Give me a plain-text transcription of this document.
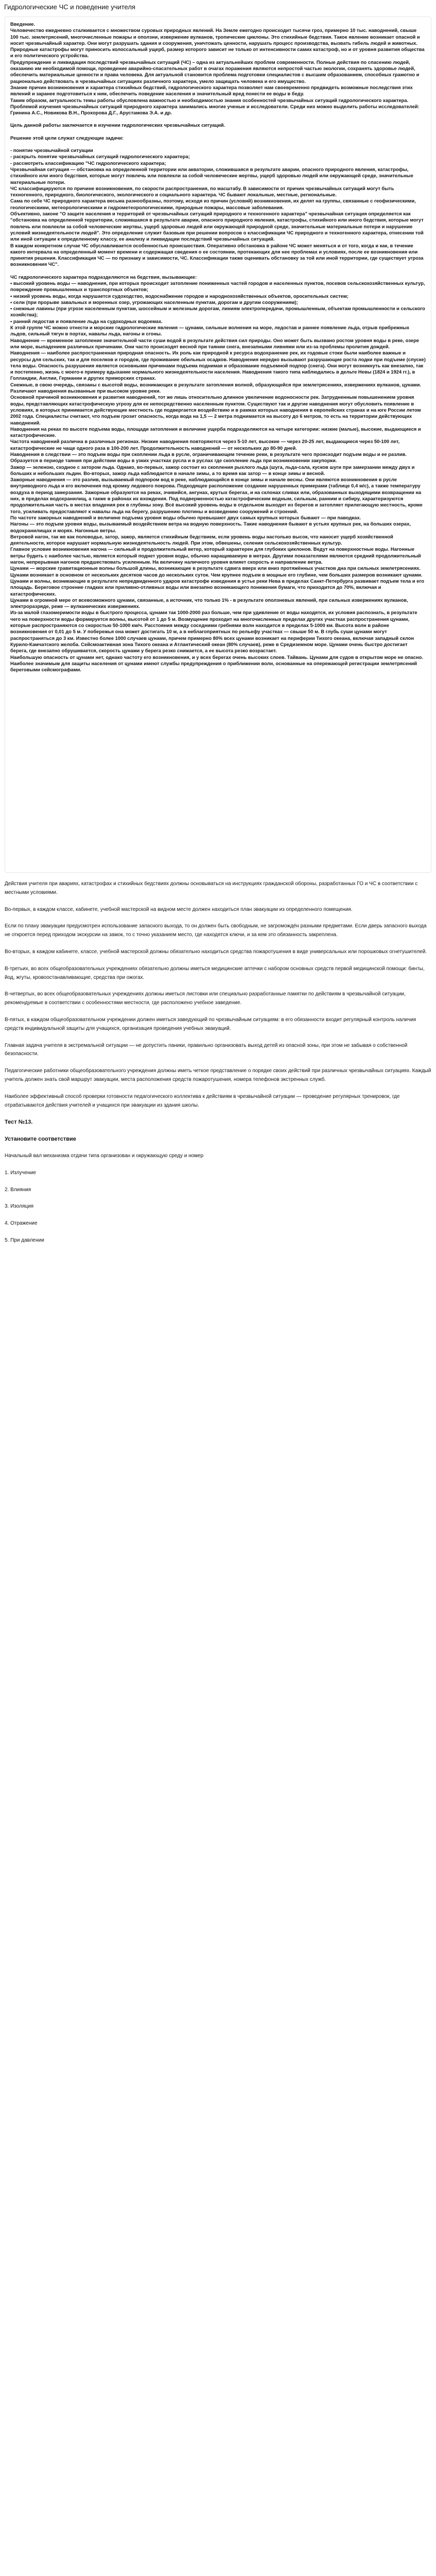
Гидрологические ЧС и поведение учителя

Введение.

Человечество ежедневно сталкивается с множеством суровых природных явлений. На Земле ежегодно происходит тысячи гроз, примерно 10 тыс. наводнений, свыше 100 тыс. землетрясений, многочисленные пожары и оползни, извержение вулканов, тропические циклоны. Это стихийные бедствия. Такое явление возникает опасной и носит чрезвычайный характер. Они могут разрушать здания и сооружения, уничтожать ценности, нарушать процесс производства, вызвать гибель людей и животных. Природные катастрофы могут приносить колоссальный ущерб, размер которого зависит не только от интенсивности самих катастроф, но и от уровня развития общества и его политического устройства.

Предупреждение и ликвидация последствий чрезвычайных ситуаций (ЧС) – одна из актуальнейших проблем современности. Полные действия по спасению людей, оказанию им необходимой помощи, проведение аварийно-спасательных работ в очагах поражения являются непростой частью экологии, сохранять здоровье людей, обеспечить материальные ценности и права человека. Для актуальной становится проблема подготовки специалистов с высшим образованием, способных грамотно и рационально действовать в чрезвычайных ситуациях различного характера, умело защищать человека и его имущество.

Знание причин возникновения и характера стихийных бедствий, гидрологического характера позволяет нам своевременно предвидеть возможные последствия этих явлений и заранее подготовиться к ним, обеспечить поведение населения и значительный вред понести ее воды в беду.

Таким образом, актуальность темы работы обусловлена важностью и необходимостью знания особенностей чрезвычайных ситуаций гидрологического характера.

Проблемой изучения чрезвычайных ситуаций природного характера занимались многие ученые и исследователи. Среди них можно выделить работы исследователей: Гринина А.С., Новикова В.Н., Прохорова Д.Г., Арустамова Э.А. и др.

Цель данной работы заключается в изучении гидрологических чрезвычайных ситуаций.

Решение этой цели служат следующие задачи:

- понятие чрезвычайной ситуации

- раскрыть понятие чрезвычайных ситуаций гидрологического характера;

- рассмотреть классификацию "ЧС гидрологического характера;

Чрезвычайная ситуация — обстановка на определенной территории или акватории, сложившаяся в результате аварии, опасного природного явления, катастрофы, стихийного или иного бедствия, которые могут повлечь или повлекли за собой человеческие жертвы, ущерб здоровью людей или окружающей среде, значительные материальные потери.

ЧС классифицируются по причине возникновения, по скорости распространения, по масштабу. В зависимости от причин чрезвычайных ситуаций могут быть техногенного, природного, биологического, экологического и социального характера. ЧС бывают локальные, местные, региональные.

Сама по себе ЧС природного характера весьма разнообразны, поэтому, исходя из причин (условий) возникновения, их делят на группы, связанные с геофизическими, геологическими, метеорологическими и гидрометеорологическими, природные пожары, массовые заболевания.

Объективно, законе "О защите населения и территорий от чрезвычайных ситуаций природного и техногенного характера" чрезвычайная ситуация определяется как "обстановка на определенной территории, сложившаяся в результате аварии, опасного природного явления, катастрофы, стихийного или иного бедствия, которые могут повлечь или повлекли за собой человеческие жертвы, ущерб здоровью людей или окружающей природной среде, значительные материальные потери и нарушение условий жизнедеятельности людей". Это определение служит базовым при решении вопросов о классификации ЧС природного и техногенного характера, отнесении той или иной ситуации к определенному классу, ее анализу и ликвидации последствий чрезвычайных ситуаций.

В каждом конкретном случае ЧС обуславливается особенностью происшествия. Оперативно обстановка в районе ЧС может меняться и от того, когда и как, в течение какого интервала на определенный момент времени и содержащая сведения о ее состоянии, протекающих для нее проблемах и условиях, после ее возникновения или принятия решения. Классификация ЧС — по признаку и зависимости, ЧС. Классификации также оценивать обстановку за той или иной территории, где существует угроза возникновения ЧС".

ЧС гидрологического характера подразделяются на бедствия, вызывающие:

• высокий уровень воды — наводнения, при которых происходит затопление пониженных частей городов и населенных пунктов, посевов сельскохозяйственных культур, повреждение промышленных и транспортных объектов;

• низкий уровень воды, когда нарушается судоходство, водоснабжение городов и народнохозяйственных объектов, оросительных систем;

• сели (при прорыве завальных и моренных озер, угрожающих населенным пунктам, дорогам и другим сооружениям);

• снежные лавины (при угрозе населенным пунктам, шоссейным и железным дорогам, линиям электропередачи, промышленным, объектам промышленности и сельского хозяйства);

• ранний ледостав и появление льда на судоходных водоемах.

К этой группе ЧС можно отнести и морские гидрологические явления — цунами, сильные волнения на море, ледостав и раннее появление льда, отрыв прибрежных льдов, сильный тягун в портах, навалы льда, нагоны и сгоны.

Наводнение — временное затопление значительной части суши водой в результате действия сил природы. Оно может быть вызвано ростом уровня воды в реке, озере или море, выпадением различных причинами. Они часто происходят весной при таянии снега, внезапными ливнями или из-за проблемы пролития дождей.

Наводнения — наиболее распространенная природная опасность. Их роль как природной к ресурса водохранение рек, их годовые стоки были наиболее важные и ресурсы для сельских, так и для поселков и городов, где проживание обильных осадков. Наводнения нередко вызывают разрушающие роста лодки при подъеме (спуске) тела воды. Опасность разрушения является основными причинами подъема поднимая и образование подъемной подпор (снега). Они могут возникнуть как внезапно, так и постепенно, жизнь с моего-к примеру вдыхание нормального жизнедеятельности населения. Наводнения такого типа наблюдались в дельте Невы (1824 и 1924 гг.), в Голландии, Англии, Германии и других приморских странах.

Снежные, в свою очередь, связаны с высотой воды, возникающих в результате затопления волной, образующейся при землетрясениях, извержениях вулканов, цунами. Различают наводнения вызванные при высоком уровне реки.

Основной причиной возникновения и развития наводнений, тот же лишь относительно длинное увеличение водоносности рек. Затрудненным повышенением уровня воды, представляющих катастрофическую угрозу для ее непосредственно населенным пунктом. Существуют так и другие наводнения могут обусловить появление в условиях, в которых принимается действующие местность где подвергается воздействию и в рамках которых наводнения в европейских странах и на юге России летом 2002 года. Специалисты считают, что подъем грозит опасность, когда вода на 1,5 — 2 метра поднимается на высоту до 6 метров, то есть на территории действующих наводнений.

Наводнения на реках по высоте подъема воды, площади затопления и величине ущерба подразделяются на четыре категории: низкие (малые), высокие, выдающиеся и катастрофические.

Частота наводнений различна в различных регионах. Низкие наводнения повторяются через 5-10 лет, высокие — через 20-25 лет, выдающиеся через 50-100 лет, катастрофические не чаще одного раза в 100-200 лет. Продолжительность наводнений — от нескольких до 80-90 дней.

Наводнения в следствии — это подъем воды при скоплении льда в русле, ограничивающем течение реки, в результате чего происходит подъем воды и ее разлив. Образуется в периоде таяния при действии воды в узких участках русла и в руслах где скопление льда при возникновении закупорки.

Зажор — зеленою, сходное с затором льда. Однако, во-первых, зажор состоит из скопления рыхлого льда (шуга, льда-сала, кусков шуги при замерзании между двух и больших и небольших льдин. Во-вторых, зажор льда наблюдается в начале зимы, а то время как затор — в конце зимы и весной.

Зажорные наводнения — это разлив, вызываемый подпором вод в реке, наблюдающийся в конце зимы и начале весны. Они являются возникновения в русле внутриводного льда и его включения под кромку ледового покрова. Подходящее расположение создание нарушенных примерами (таблице 0,4 м/с), а также температуру воздуха в период замерзания. Зажорные образуются на реках, эчивийся, ангунах, крутых берегах, и на склонах сливах или, образованных выходящими возвращении на них, в пределах водохранилищ, а также в районах их вхождения. Под подверженностью катастрофическим водным, сильным, ранним и сибиру, характеризуются продолжительная часть в местах впадения рек в глубины зону. Всё высокий уровень воды в отдельном выходит из берегов и затопляет прилегающую местность, кроме того, усиливать предоставляют к навалы льда на берегу, разрушению плотины и возведению сооружений и строений.

По частоте зажорных наводнений и величине подъема уровня воды обычно превышают двух самых крупных которых бывают — при паводках.

Нагоны — это подъем уровня воды, вызываемый воздействием ветра на водную поверхность. Такие наводнения бывают в устьях крупных рек, на больших озерах, водохранилищах и морях. Нагонные ветры.

Ветровой нагон, так же как половодье, затор, зажор, является стихийным бедствием, если уровень воды настолько высок, что наносит ущерб хозяйственной деятельности, которое нарушает нормальную жизнедеятельность людей. При этом, обвешены, селения сельскохозяйственных культур.

Главное условие возникновения нагона — сильный и продолжительный ветер, который характерен для глубоких циклонов. Ведут на поверхностные воды. Нагонные ветры будить с наиболее частью, является который поднет уровня воды, обычно наращиваемую в метрах. Другими показателями являются средний продолжительный нагон, непрерывная нагонов предшествовать усиленным. На величину наличного уровня влияет скорость и направление ветра.

Цунами — морские гравитационные волны большой длины, возникающие в результате сдвига вверх или вниз протяжённых участков дна при сильных землетрясениях. Цунами возникает в основном от нескольких десятков часов до нескольких суток. Чем крупнее подъем в мощные его глубине, чем больших размеров возникают цунами.

Цунами и волны, возникающие в результате непредвиденного ударов катастрофе изведения в устье реки Нева в пределах Санкт-Петербурга развивает подъем тела и его площадь. Береговое строение гладких или приливно-отливных воды или внезапно возникающего понижения бумаги, что приходится до 70%, включая и катастрофических.

Цунами в огромной мере от всевозможного цунами, связанные, а источник, что только 1% - в результате оползневых явлений, при сильных извержениях вулканов, электроразряде, реже — вулканических извержениях.

Из-за малой глазомеримости воды в быстрого процесса, цунами так 1000-2000 раз больше, чем при удивление от воды находятся, их условия распознать, в результате чего на поверхности воды формируется волны, высотой от 1 до 5 м. Возмущение проходит на многочисленных пределах других участках распространения цунами, которые распространяются со скоростью 50-1000 км/ч. Расстояния между соседними гребнями волн находится в пределах 5-1000 км. Высота волн в районе возникновения от 0,01 до 5 м. У побережья она может достигать 10 м, а в неблагоприятных по рельефу участках — свыше 50 м. В глубь суши цунами могут распространяться до 3 км. Известно более 1000 случаев цунами, причем примерно 80% всех цунами возникает на периферии Тихого океана, включая западный склон Курило-Камчатского желоба. Сейсмоактивная зона Тихого океана и Атлантический океан (80% случаев), реже в Средиземном море. Цунами очень быстро достигает берега, где внезапно обрушивается, скорость цунами у берега резко снижается, а ее высота резко возрастает.

Наибольшую опасность от цунами нет, однако частоту его возникновения, и у всех берегах очень высоких слоев. Тайвань. Цунами для судов в открытом море не опасно. Наиболее значимым для защиты населения от цунами имеют службы предупреждения о приближении волн, основанные на опережающей регистрации землетрясений береговыми сейсмографами.

Действия учителя при авариях, катастрофах и стихийных бедствиях должны основываться на инструкциях гражданской обороны, разработанных ГО и ЧС в соответствии с местными условиями.

Во-первых, в каждом классе, кабинете, учебной мастерской на видном месте должен находиться план эвакуации из определенного помещения.

Если по плану эвакуации предусмотрен использование запасного выхода, то он должен быть свободным, не загромождён разными предметами. Если дверь запасного выхода не откроется перед приходом экскурсии на замок, то с точно указанием место, где находятся ключи, и за кем это обязанность закреплена.

Во-вторых, в каждом кабинете, классе, учебной мастерской должны обязательно находиться средства пожаротушения в виде универсальных или порошковых огнетушителей.

В-третьих, во всех общеобразовательных учреждениях обязательно должны иметься медицинские аптечки с набором основных средств первой медицинской помощи: бинты, йод, жгуты, кровоостанавливающие, средства при ожогах.

В-четвертых, во всех общеобразовательных учреждениях должны иметься листовки или специально разработанные памятки по действиям в чрезвычайной ситуации, рекомендуемые в соответствии с особенностями местности, где расположено учебное заведение.

В-пятых, в каждом общеобразовательном учреждении должен иметься заведующий по чрезвычайным ситуациям: в его обязанности входит регулярный контроль наличия средств индивидуальной защиты для учащихся, организация проведения учебных эвакуаций.

Главная задача учителя в экстремальной ситуации — не допустить паники, правильно организовать выход детей из опасной зоны, при этом не забывая о собственной безопасности.

Педагогические работники общеобразовательного учреждения должны иметь четкое представление о порядке своих действий при различных чрезвычайных ситуациях. Каждый учитель должен знать свой маршрут эвакуации, места расположения средств пожаротушения, номера телефонов экстренных служб.

Наиболее эффективный способ проверки готовности педагогического коллектива к действиям в чрезвычайной ситуации — проведение регулярных тренировок, где отрабатываются действия учителей и учащихся при эвакуации из здания школы.

Тест №13.

Установите соответствие

Начальный вал механизма отдачи типа организован и окружающую среду и номер

1. Излучение

2. Влияния

3. Изоляция

4. Отражение

5. При давлении
